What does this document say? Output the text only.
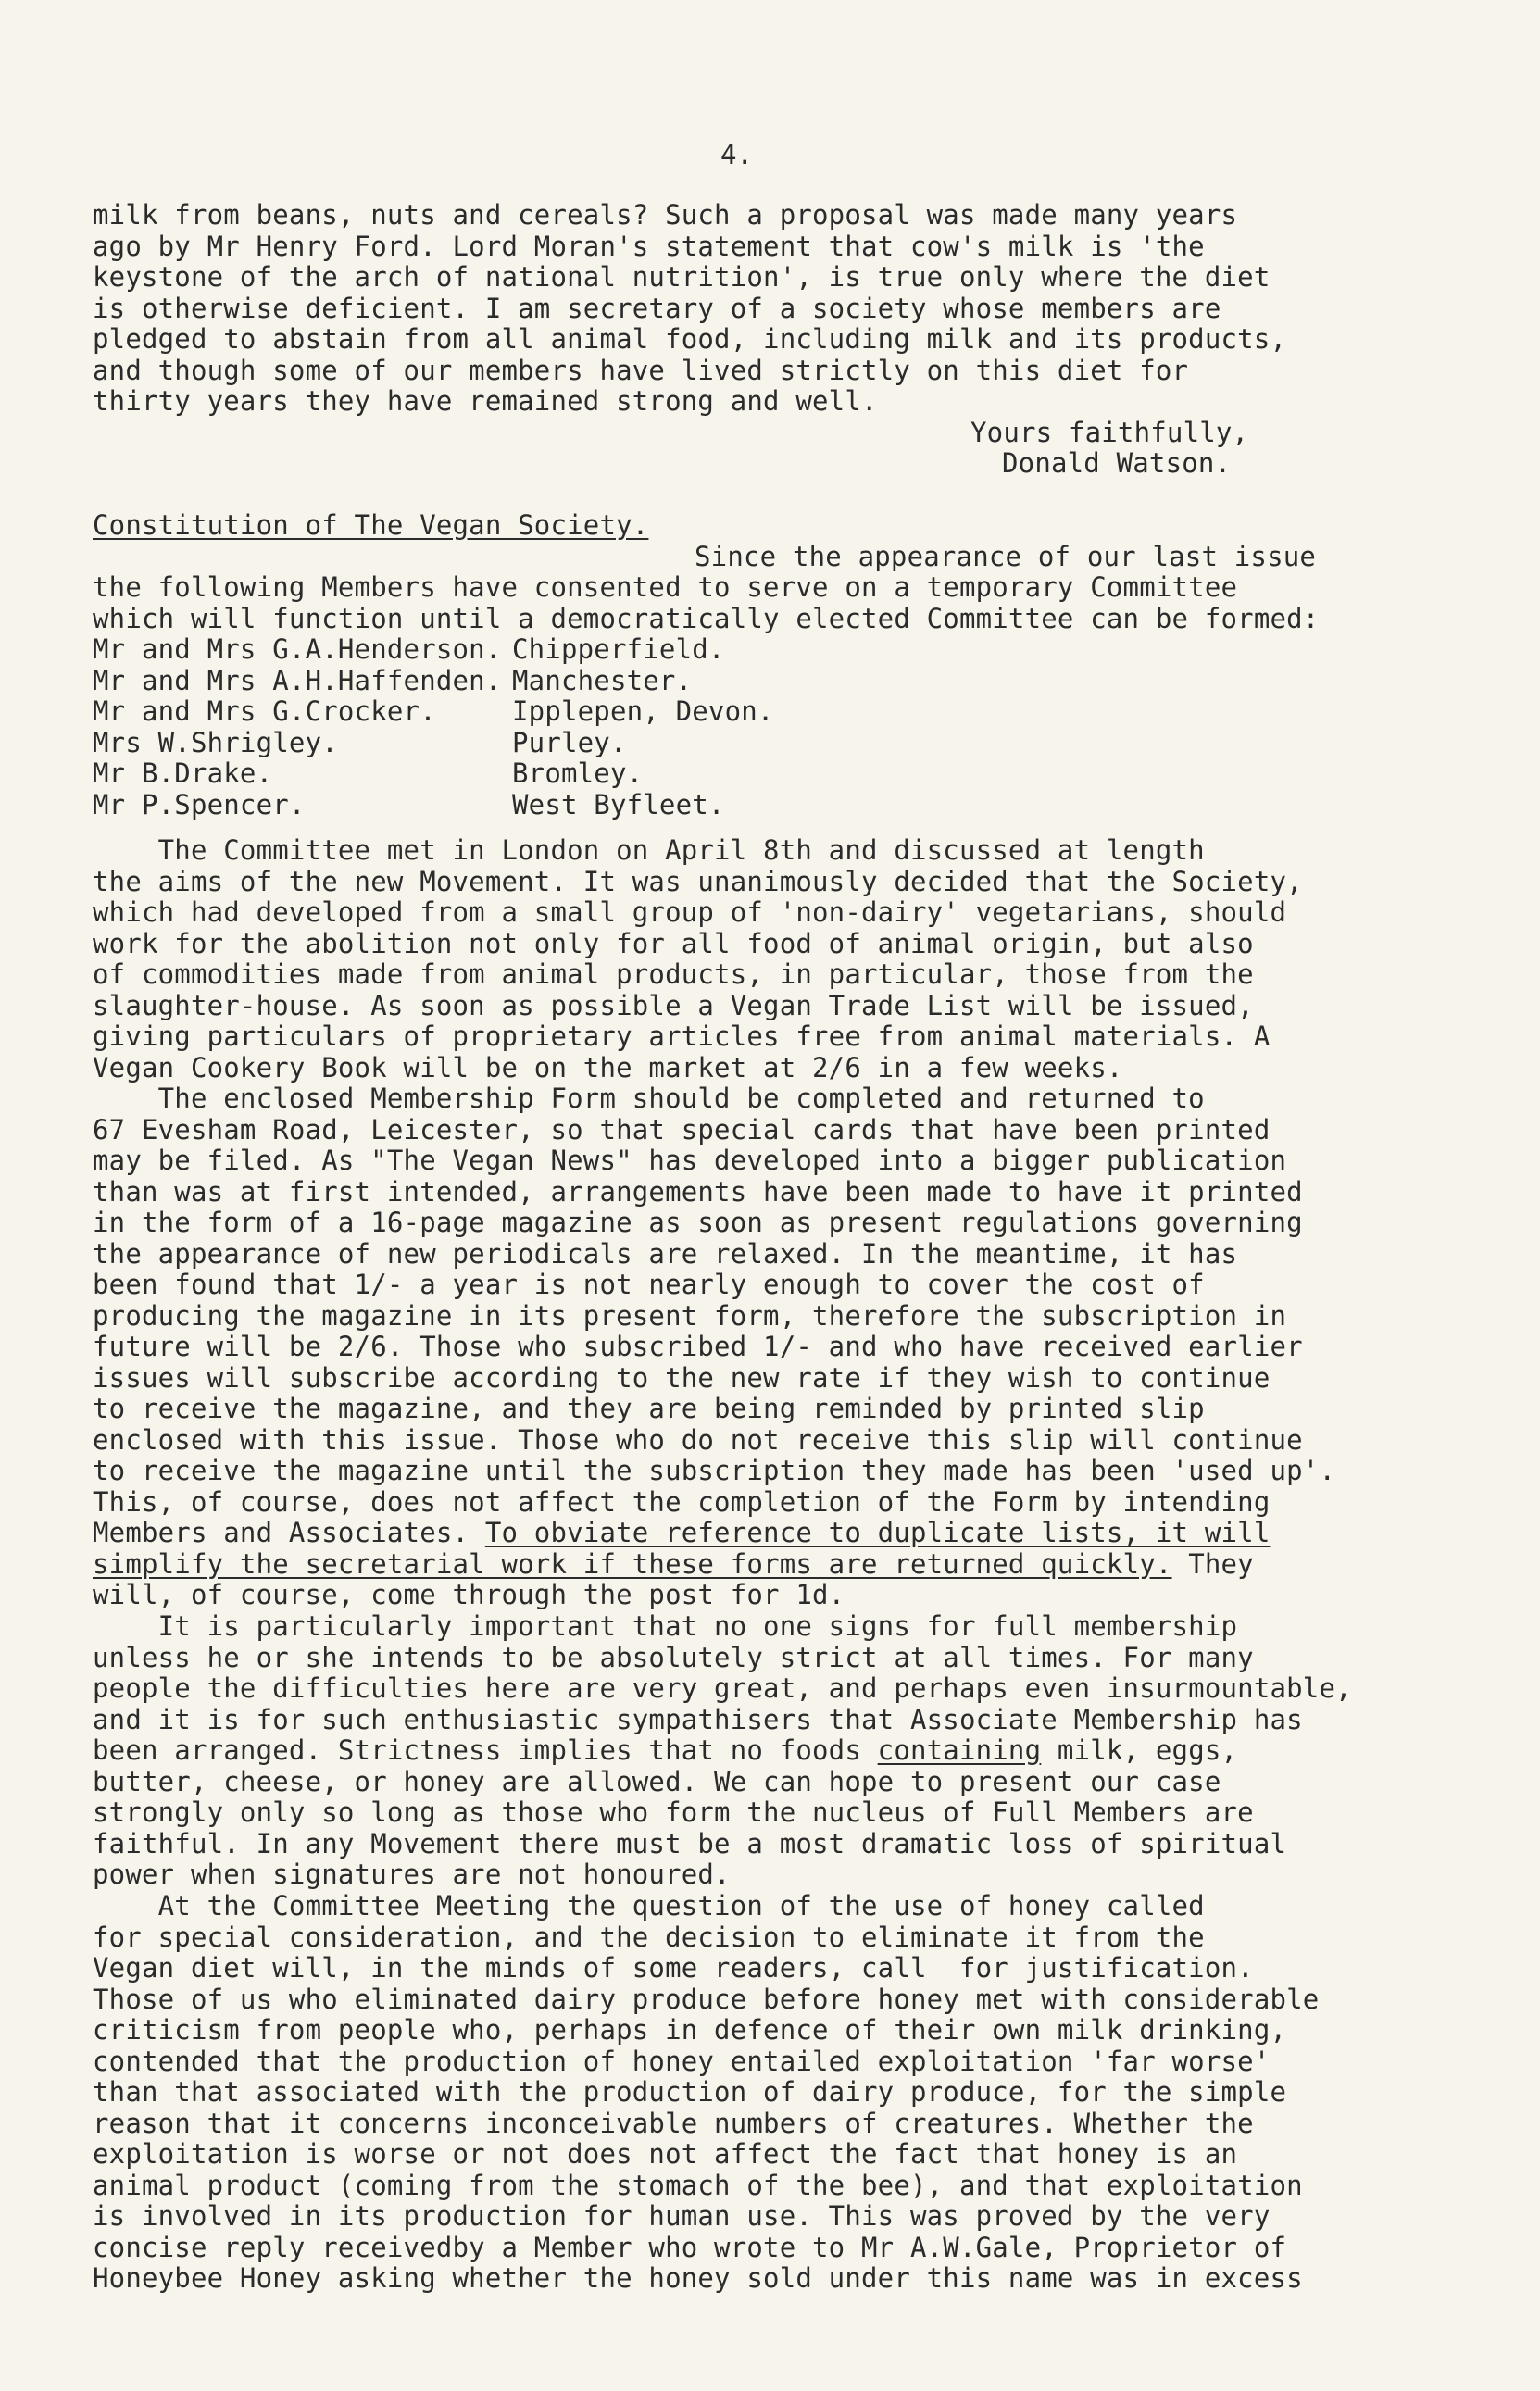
4.
milk from beans, nuts and cereals? Such a proposal was made many years
ago by Mr Henry Ford. Lord Moran's statement that cow's milk is 'the
keystone of the arch of national nutrition', is true only where the diet
is otherwise deficient. I am secretary of a society whose members are
pledged to abstain from all animal food, including milk and its products,
and though some of our members have lived strictly on this diet for
thirty years they have remained strong and well.
Yours faithfully,
Donald Watson.
Constitution of The Vegan Society.
Since the appearance of our last issue
the following Members have consented to serve on a temporary Committee
which will function until a democratically elected Committee can be formed:
Mr and Mrs G.A.Henderson. Chipperfield.
Mr and Mrs A.H.Haffenden. Manchester.
Mr and Mrs G.Crocker.	Ipplepen, Devon.
Mrs W.Shrigley.	Purley.
Mr B.Drake.	Bromley.
Mr P.Spencer.	West Byfleet.
The Committee met in London on April 8th and discussed at length
the aims of the new Movement. It was unanimously decided that the Society,
which had developed from a small group of 'non-dairy' vegetarians, should
work for the abolition not only for all food of animal origin, but also
of commodities made from animal products, in particular, those from the
slaughter-house. As soon as possible a Vegan Trade List will be issued,
giving particulars of proprietary articles free from animal materials. A
Vegan Cookery Book will be on the market at 2/6 in a few weeks.
The enclosed Membership Form should be completed and returned to
67 Evesham Road, Leicester, so that special cards that have been printed
may be filed. As "The Vegan News" has developed into a bigger publication
than was at first intended, arrangements have been made to have it printed
in the form of a 16-page magazine as soon as present regulations governing
the appearance of new periodicals are relaxed. In the meantime, it has
been found that 1/- a year is not nearly enough to cover the cost of
producing the magazine in its present form, therefore the subscription in
future will be 2/6. Those who subscribed 1/- and who have received earlier
issues will subscribe according to the new rate if they wish to continue
to receive the magazine, and they are being reminded by printed slip
enclosed with this issue. Those who do not receive this slip will continue
to receive the magazine until the subscription they made has been 'used up'.
This, of course, does not affect the completion of the Form by intending
Members and Associates. To obviate reference to duplicate lists, it will
simplify the secretarial work if these forms are returned quickly. They
will, of course, come through the post for 1d.
It is particularly important that no one signs for full membership
unless he or she intends to be absolutely strict at all times. For many
people the difficulties here are very great, and perhaps even insurmountable,
and it is for such enthusiastic sympathisers that Associate Membership has
been arranged. Strictness implies that no foods containing milk, eggs,
butter, cheese, or honey are allowed. We can hope to present our case
strongly only so long as those who form the nucleus of Full Members are
faithful. In any Movement there must be a most dramatic loss of spiritual
power when signatures are not honoured.
At the Committee Meeting the question of the use of honey called
for special consideration, and the decision to eliminate it from the
Vegan diet will, in the minds of some readers, call  for justification.
Those of us who eliminated dairy produce before honey met with considerable
criticism from people who, perhaps in defence of their own milk drinking,
contended that the production of honey entailed exploitation 'far worse'
than that associated with the production of dairy produce, for the simple
reason that it concerns inconceivable numbers of creatures. Whether the
exploitation is worse or not does not affect the fact that honey is an
animal product (coming from the stomach of the bee), and that exploitation
is involved in its production for human use. This was proved by the very
concise reply receivedby a Member who wrote to Mr A.W.Gale, Proprietor of
Honeybee Honey asking whether the honey sold under this name was in excess
